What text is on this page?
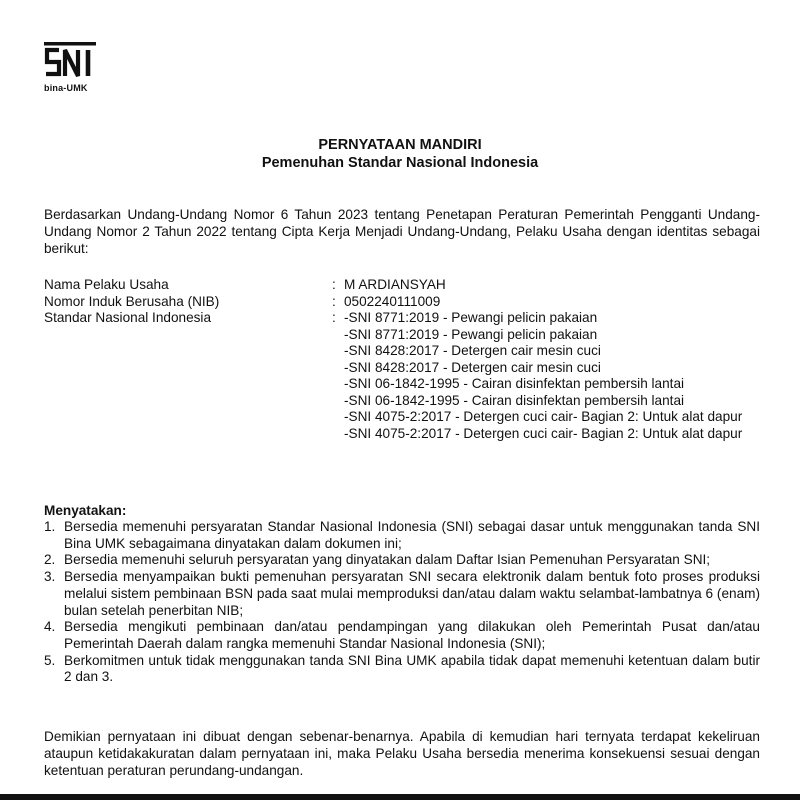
bina-UMK
PERNYATAAN MANDIRI
Pemenuhan Standar Nasional Indonesia
Berdasarkan Undang-Undang Nomor 6 Tahun 2023 tentang Penetapan Peraturan Pemerintah Pengganti Undang-Undang Nomor 2 Tahun 2022 tentang Cipta Kerja Menjadi Undang-Undang, Pelaku Usaha dengan identitas sebagai berikut:
Nama Pelaku Usaha	: M ARDIANSYAH
Nomor Induk Berusaha (NIB)	: 0502240111009
Standar Nasional Indonesia	: -SNI 8771:2019 - Pewangi pelicin pakaian
-SNI 8771:2019 - Pewangi pelicin pakaian
-SNI 8428:2017 - Detergen cair mesin cuci
-SNI 8428:2017 - Detergen cair mesin cuci
-SNI 06-1842-1995 - Cairan disinfektan pembersih lantai
-SNI 06-1842-1995 - Cairan disinfektan pembersih lantai
-SNI 4075-2:2017 - Detergen cuci cair- Bagian 2: Untuk alat dapur
-SNI 4075-2:2017 - Detergen cuci cair- Bagian 2: Untuk alat dapur
Menyatakan:
1. Bersedia memenuhi persyaratan Standar Nasional Indonesia (SNI) sebagai dasar untuk menggunakan tanda SNI Bina UMK sebagaimana dinyatakan dalam dokumen ini;
2. Bersedia memenuhi seluruh persyaratan yang dinyatakan dalam Daftar Isian Pemenuhan Persyaratan SNI;
3. Bersedia menyampaikan bukti pemenuhan persyaratan SNI secara elektronik dalam bentuk foto proses produksi melalui sistem pembinaan BSN pada saat mulai memproduksi dan/atau dalam waktu selambat-lambatnya 6 (enam) bulan setelah penerbitan NIB;
4. Bersedia mengikuti pembinaan dan/atau pendampingan yang dilakukan oleh Pemerintah Pusat dan/atau Pemerintah Daerah dalam rangka memenuhi Standar Nasional Indonesia (SNI);
5. Berkomitmen untuk tidak menggunakan tanda SNI Bina UMK apabila tidak dapat memenuhi ketentuan dalam butir 2 dan 3.
Demikian pernyataan ini dibuat dengan sebenar-benarnya. Apabila di kemudian hari ternyata terdapat kekeliruan ataupun ketidakakuratan dalam pernyataan ini, maka Pelaku Usaha bersedia menerima konsekuensi sesuai dengan ketentuan peraturan perundang-undangan.
